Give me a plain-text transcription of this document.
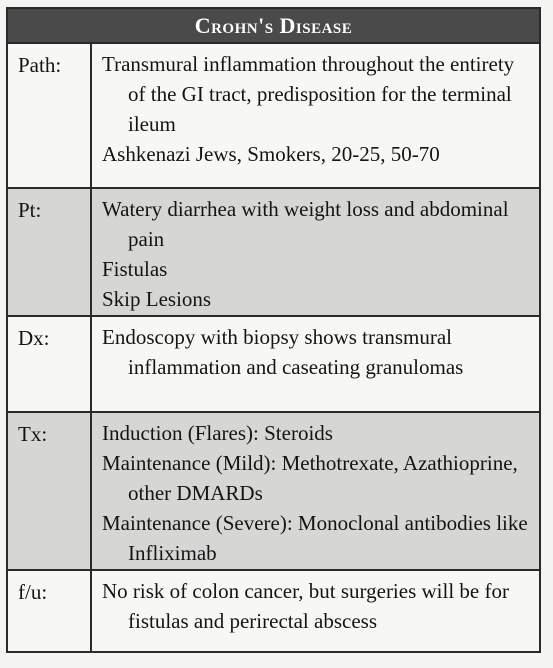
Crohn's Disease
Path:	Transmural inflammation throughout the entirety of the GI tract, predisposition for the terminal ileum
Ashkenazi Jews, Smokers, 20-25, 50-70
Pt:	Watery diarrhea with weight loss and abdominal pain
Fistulas
Skip Lesions
Dx:	Endoscopy with biopsy shows transmural inflammation and caseating granulomas
Tx:	Induction (Flares): Steroids
Maintenance (Mild): Methotrexate, Azathioprine, other DMARDs
Maintenance (Severe): Monoclonal antibodies like Infliximab
f/u:	No risk of colon cancer, but surgeries will be for fistulas and perirectal abscess
